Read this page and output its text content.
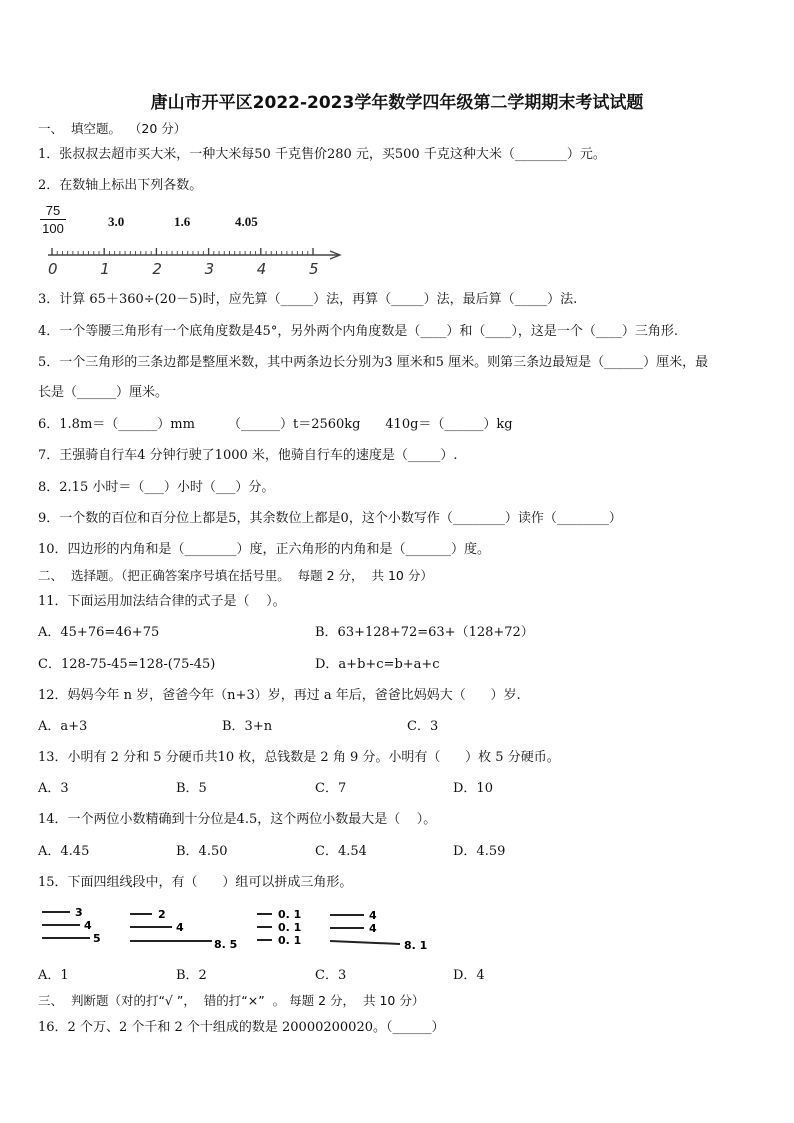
唐山市开平区2022-2023学年数学四年级第二学期期末考试试题
一、  填空题。  （20 分）
1．张叔叔去超市买大米，一种大米每50 千克售价280 元，买500 千克这种大米（________）元。
2．在数轴上标出下列各数。
$\frac{75}{100}$	3.0	1.6	4.05
0	1	2	3	4	5
3．计算 65＋360÷(20－5)时，应先算（_____）法，再算（_____）法，最后算（_____）法.
4．一个等腰三角形有一个底角度数是45°，另外两个内角度数是（____）和（____），这是一个（____）三角形.
5．一个三角形的三条边都是整厘米数，其中两条边长分别为3 厘米和5 厘米。则第三条边最短是（______）厘米，最
长是（______）厘米。
6．1.8m＝（______）mm        （______）t＝2560kg      410g＝（______）kg
7．王强骑自行车4 分钟行驶了1000 米，他骑自行车的速度是（_____）.
8．2.15 小时＝（___）小时（___）分。
9．一个数的百位和百分位上都是5，其余数位上都是0，这个小数写作（________）读作（________）
10．四边形的内角和是（________）度，正六角形的内角和是（_______）度。
二、  选择题。（把正确答案序号填在括号里。  每题 2 分，  共 10 分）
11．下面运用加法结合律的式子是（    ）。
A．45+76=46+75	B．63+128+72=63+（128+72）
C．128-75-45=128-(75-45)	D．a+b+c=b+a+c
12．妈妈今年 n 岁，爸爸今年（n+3）岁，再过 a 年后，爸爸比妈妈大（      ）岁.
A．a+3	B．3+n	C．3
13．小明有 2 分和 5 分硬币共10 枚，总钱数是 2 角 9 分。小明有（      ）枚 5 分硬币。
A．3	B．5	C．7	D．10
14．一个两位小数精确到十分位是4.5，这个两位小数最大是（    ）。
A．4.45	B．4.50	C．4.54	D．4.59
15．下面四组线段中，有（      ）组可以拼成三角形。
3
4
5
2
4
8. 5
0. 1
0. 1
0. 1
4
4
8. 1
A．1	B．2	C．3	D．4
三、  判断题（对的打“√ ”，  错的打“×”  。 每题 2 分，  共 10 分）
16．2 个万、2 个千和 2 个十组成的数是 20000200020。（______）
